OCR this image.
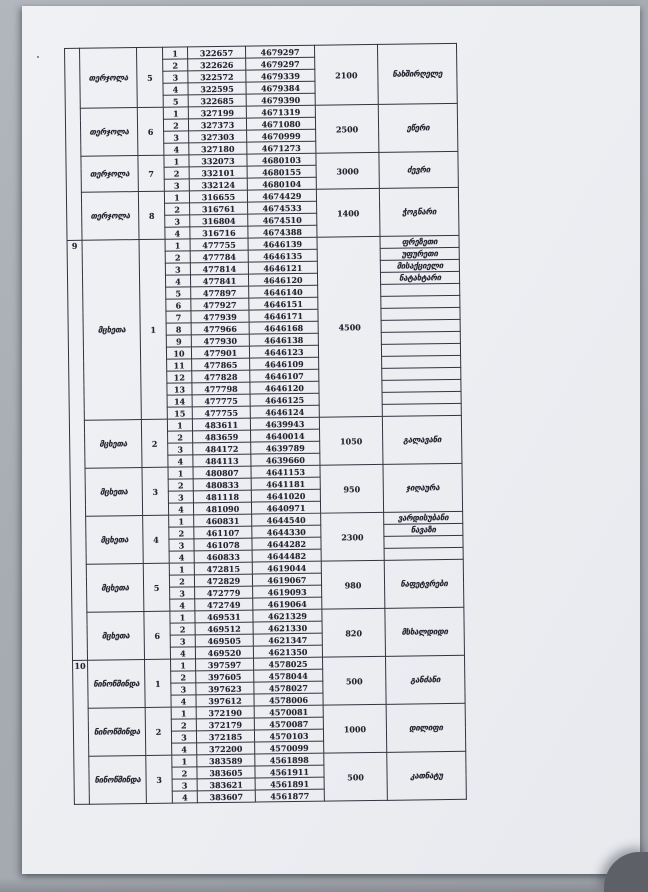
	თერჯოლა	5	1	322657	4679297	2100	ნახშირღელე
			2	322626	4679297		
			3	322572	4679339		
			4	322595	4679384		
			5	322685	4679390		
	თერჯოლა	6	1	327199	4671319	2500	ეწერი
			2	327373	4671080		
			3	327303	4670999		
			4	327180	4671273		
	თერჯოლა	7	1	332073	4680103	3000	ძევრი
			2	332101	4680155		
			3	332124	4680104		
	თერჯოლა	8	1	316655	4674429	1400	ჭოგნარი
			2	316761	4674533		
			3	316804	4674510		
			4	316716	4674388		
9	მცხეთა	1	1	477755	4646139	4500	ფრეზეთი
			2	477784	4646135		უფურეთი
			3	477814	4646121		მისაქციელი
			4	477841	4646120		ნატახტარი
			5	477897	4646140		
			6	477927	4646151		
			7	477939	4646171		
			8	477966	4646168		
			9	477930	4646138		
			10	477901	4646123		
			11	477865	4646109		
			12	477828	4646107		
			13	477798	4646120		
			14	477775	4646125		
			15	477755	4646124		
	მცხეთა	2	1	483611	4639943	1050	გალავანი
			2	483659	4640014		
			3	484172	4639789		
			4	484113	4639660		
	მცხეთა	3	1	480807	4641153	950	ჯიღაურა
			2	480833	4641181		
			3	481118	4641020		
			4	481090	4640971		
	მცხეთა	4	1	460831	4644540	2300	ვარდისუბანი
			2	461107	4644330		ნავაზი
			3	461078	4644282		
			4	460833	4644482		
	მცხეთა	5	1	472815	4619044	980	ნაფეტვრები
			2	472829	4619067		
			3	472779	4619093		
			4	472749	4619064		
	მცხეთა	6	1	469531	4621329	820	მსხალდიდი
			2	469512	4621330		
			3	469505	4621347		
			4	469520	4621350		
10	ნინოწმინდა	1	1	397597	4578025	500	განძანი
			2	397605	4578044		
			3	397623	4578027		
			4	397612	4578006		
	ნინოწმინდა	2	1	372190	4570081	1000	დილიფი
			2	372179	4570087		
			3	372185	4570103		
			4	372200	4570099		
	ნინოწმინდა	3	1	383589	4561898	500	კათნატუ
			2	383605	4561911		
			3	383621	4561891		
			4	383607	4561877		
